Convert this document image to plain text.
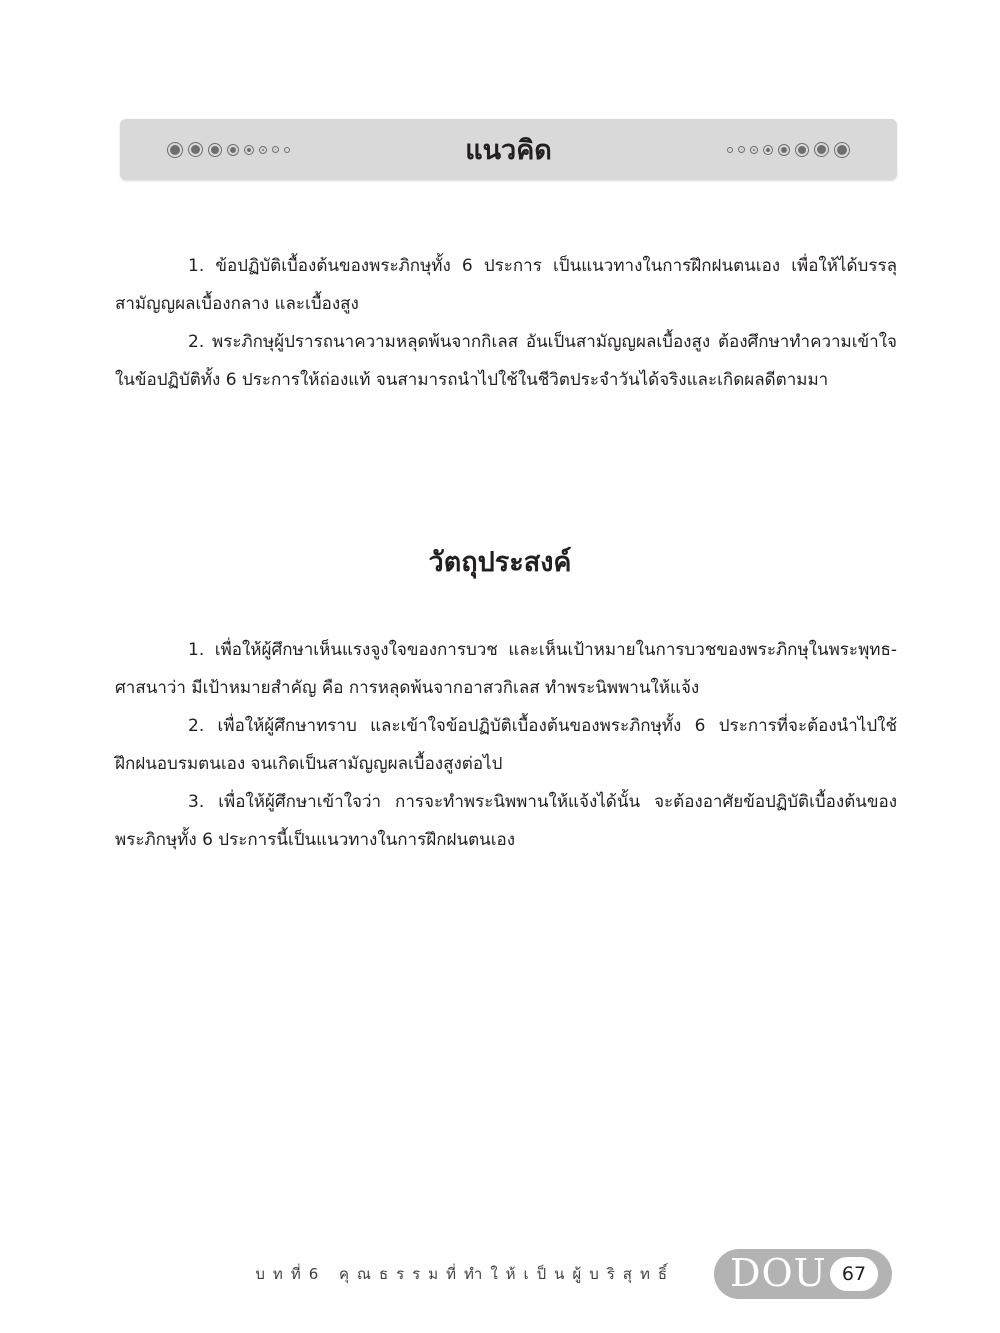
แนวคิด

1. ข้อปฏิบัติเบื้องต้นของพระภิกษุทั้ง 6 ประการ เป็นแนวทางในการฝึกฝนตนเอง เพื่อให้ได้บรรลุสามัญญผลเบื้องกลาง และเบื้องสูง

2. พระภิกษุผู้ปรารถนาความหลุดพ้นจากกิเลส อันเป็นสามัญญผลเบื้องสูง ต้องศึกษาทำความเข้าใจในข้อปฏิบัติทั้ง 6 ประการให้ถ่องแท้ จนสามารถนำไปใช้ในชีวิตประจำวันได้จริงและเกิดผลดีตามมา

วัตถุประสงค์

1. เพื่อให้ผู้ศึกษาเห็นแรงจูงใจของการบวช และเห็นเป้าหมายในการบวชของพระภิกษุในพระพุทธ-ศาสนาว่า มีเป้าหมายสำคัญ คือ การหลุดพ้นจากอาสวกิเลส ทำพระนิพพานให้แจ้ง

2. เพื่อให้ผู้ศึกษาทราบ และเข้าใจข้อปฏิบัติเบื้องต้นของพระภิกษุทั้ง 6 ประการที่จะต้องนำไปใช้ฝึกฝนอบรมตนเอง จนเกิดเป็นสามัญญผลเบื้องสูงต่อไป

3. เพื่อให้ผู้ศึกษาเข้าใจว่า การจะทำพระนิพพานให้แจ้งได้นั้น จะต้องอาศัยข้อปฏิบัติเบื้องต้นของพระภิกษุทั้ง 6 ประการนี้เป็นแนวทางในการฝึกฝนตนเอง

บทที่6 คุณธรรมที่ทำให้เป็นผู้บริสุทธิ์ DOU 67
